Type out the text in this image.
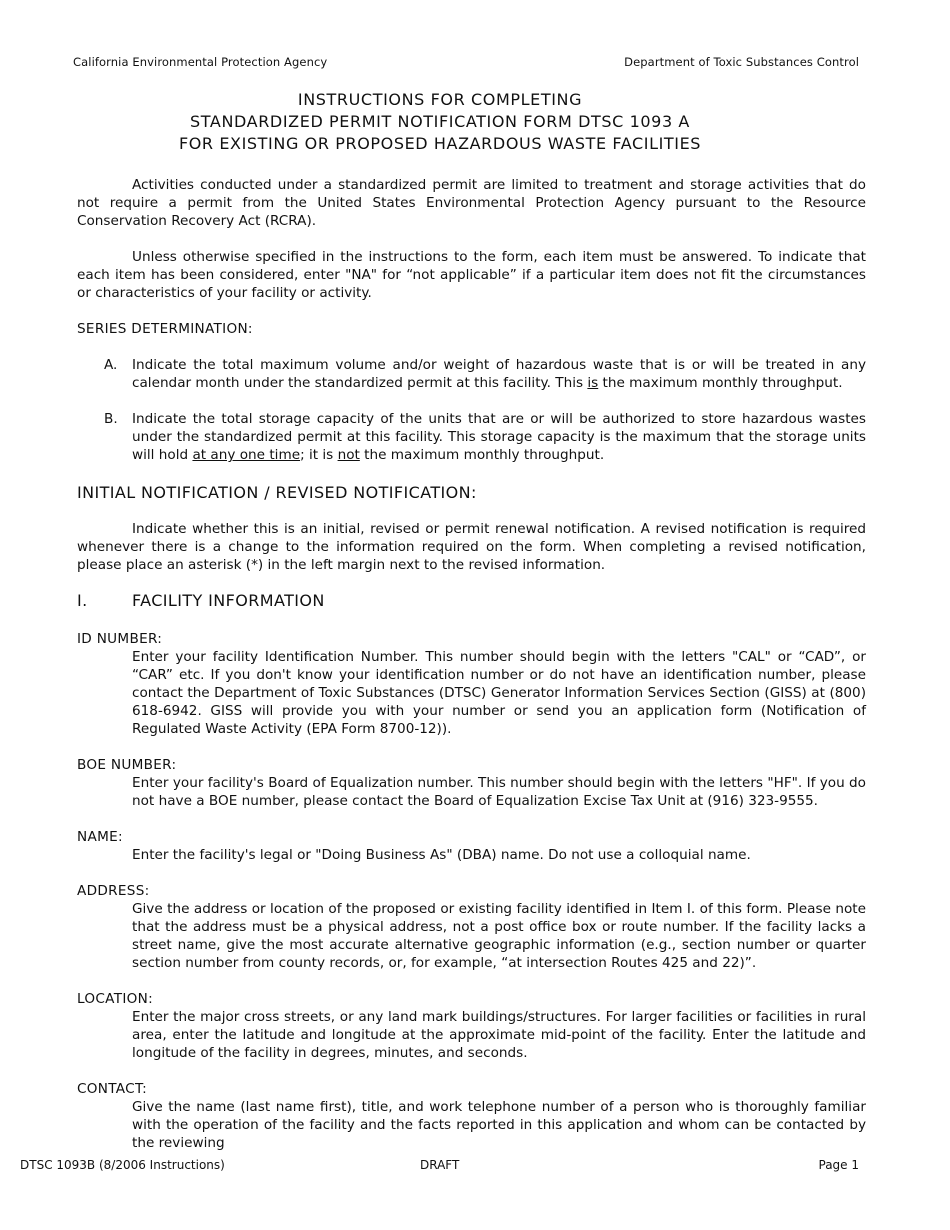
California Environmental Protection Agency	Department of Toxic Substances Control
INSTRUCTIONS FOR COMPLETING
STANDARDIZED PERMIT NOTIFICATION FORM DTSC 1093 A
FOR EXISTING OR PROPOSED HAZARDOUS WASTE FACILITIES

Activities conducted under a standardized permit are limited to treatment and storage activities that do not require a permit from the United States Environmental Protection Agency pursuant to the Resource Conservation Recovery Act (RCRA).

Unless otherwise specified in the instructions to the form, each item must be answered. To indicate that each item has been considered, enter "NA" for “not applicable” if a particular item does not fit the circumstances or characteristics of your facility or activity.

SERIES DETERMINATION:

A.	Indicate the total maximum volume and/or weight of hazardous waste that is or will be treated in any calendar month under the standardized permit at this facility. This is the maximum monthly throughput.
B.	Indicate the total storage capacity of the units that are or will be authorized to store hazardous wastes under the standardized permit at this facility. This storage capacity is the maximum that the storage units will hold at any one time; it is not the maximum monthly throughput.

INITIAL NOTIFICATION / REVISED NOTIFICATION:

Indicate whether this is an initial, revised or permit renewal notification. A revised notification is required whenever there is a change to the information required on the form. When completing a revised notification, please place an asterisk (*) in the left margin next to the revised information.

I.	FACILITY INFORMATION

ID NUMBER:

Enter your facility Identification Number. This number should begin with the letters "CAL" or “CAD”, or “CAR” etc. If you don't know your identification number or do not have an identification number, please contact the Department of Toxic Substances (DTSC) Generator Information Services Section (GISS) at (800) 618-6942. GISS will provide you with your number or send you an application form (Notification of Regulated Waste Activity (EPA Form 8700-12)).

BOE NUMBER:

Enter your facility's Board of Equalization number. This number should begin with the letters "HF". If you do not have a BOE number, please contact the Board of Equalization Excise Tax Unit at (916) 323-9555.

NAME:

Enter the facility's legal or "Doing Business As" (DBA) name. Do not use a colloquial name.

ADDRESS:

Give the address or location of the proposed or existing facility identified in Item I. of this form. Please note that the address must be a physical address, not a post office box or route number. If the facility lacks a street name, give the most accurate alternative geographic information (e.g., section number or quarter section number from county records, or, for example, “at intersection Routes 425 and 22)”.

LOCATION:

Enter the major cross streets, or any land mark buildings/structures. For larger facilities or facilities in rural area, enter the latitude and longitude at the approximate mid-point of the facility. Enter the latitude and longitude of the facility in degrees, minutes, and seconds.

CONTACT:

Give the name (last name first), title, and work telephone number of a person who is thoroughly familiar with the operation of the facility and the facts reported in this application and whom can be contacted by the reviewing

DTSC 1093B (8/2006 Instructions)	DRAFT	Page 1
